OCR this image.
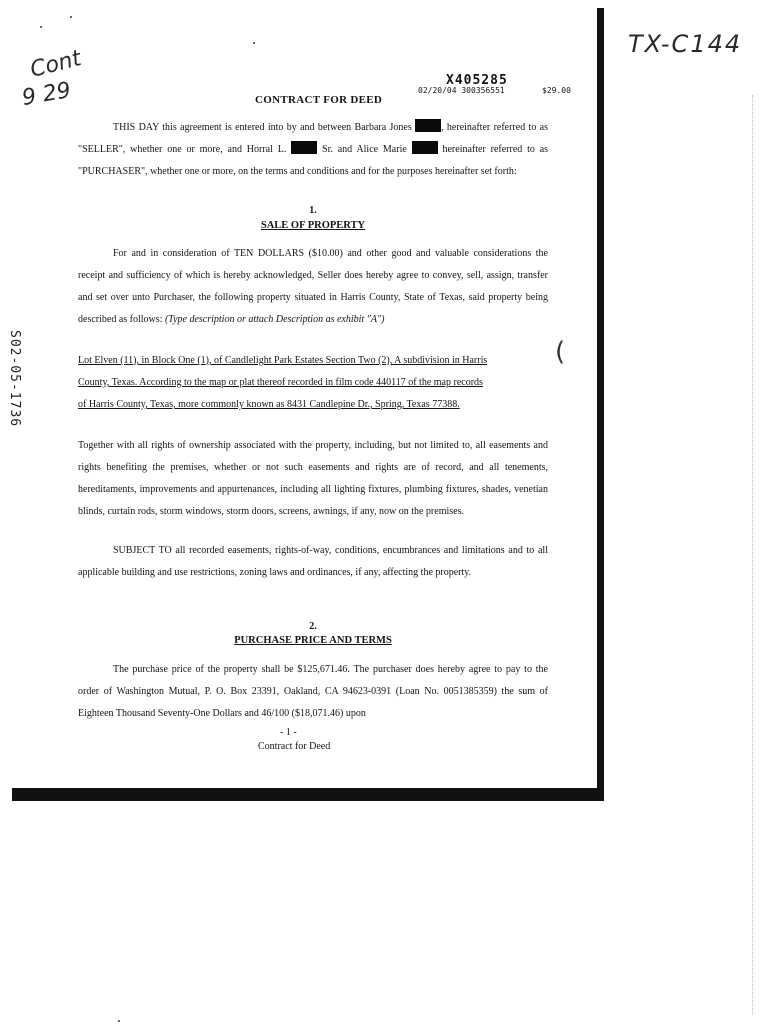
TX-C144
Cont
9 29
S02-05-1736	(
X405285
02/20/04 300356551	$29.00
CONTRACT FOR DEED
THIS DAY this agreement is entered into by and between Barbara Jones	, hereinafter referred to as "SELLER", whether one or more, and Horral L.	Sr. and Alice Marie	hereinafter referred to as "PURCHASER", whether one or more, on the terms and conditions and for the purposes hereinafter set forth:
1.
SALE OF PROPERTY
For and in consideration of TEN DOLLARS ($10.00) and other good and valuable considerations the receipt and sufficiency of which is hereby acknowledged, Seller does hereby agree to convey, sell, assign, transfer and set over unto Purchaser, the following property situated in Harris County, State of Texas, said property being described as follows: (Type description or attach Description as exhibit "A")
Lot Elven (11), in Block One (1), of Candlelight Park Estates Section Two (2), A subdivision in Harris
County, Texas. According to the map or plat thereof recorded in film code 440117 of the map records
of Harris County, Texas, more commonly known as 8431 Candlepine Dr., Spring, Texas 77388.
Together with all rights of ownership associated with the property, including, but not limited to, all easements and rights benefiting the premises, whether or not such easements and rights are of record, and all tenements, hereditaments, improvements and appurtenances, including all lighting fixtures, plumbing fixtures, shades, venetian blinds, curtain rods, storm windows, storm doors, screens, awnings, if any, now on the premises.
SUBJECT TO all recorded easements, rights-of-way, conditions, encumbrances and limitations and to all applicable building and use restrictions, zoning laws and ordinances, if any, affecting the property.
2.
PURCHASE PRICE AND TERMS
The purchase price of the property shall be $125,671.46. The purchaser does hereby agree to pay to the order of Washington Mutual, P. O. Box 23391, Oakland, CA 94623-0391 (Loan No. 0051385359) the sum of Eighteen Thousand Seventy-One Dollars and 46/100 ($18,071.46) upon
- 1 -
Contract for Deed
